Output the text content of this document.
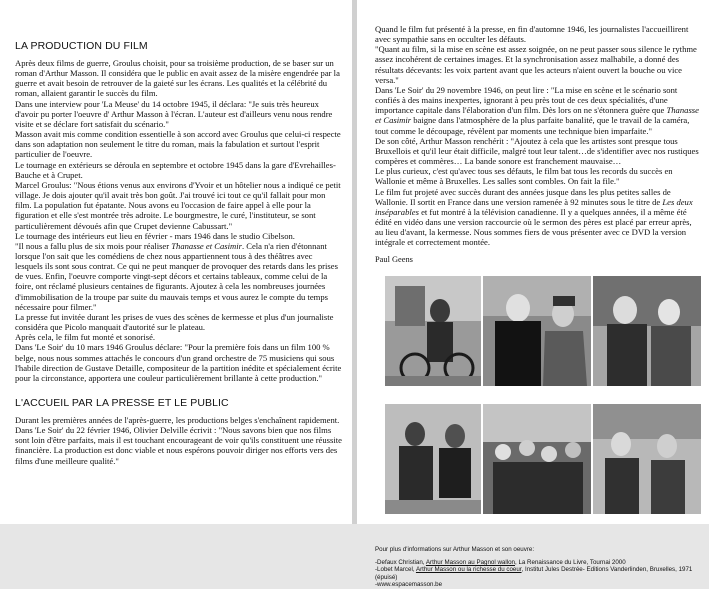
LA PRODUCTION DU FILM

Après deux films de guerre, Groulus choisit, pour sa troisième production, de se baser sur un roman d'Arthur Masson. Il considéra que le public en avait assez de la misère engendrée par la guerre et avait besoin de retrouver de la gaieté sur les écrans. Les qualités et la célébrité du roman, allaient garantir le succès du film.

Dans une interview pour 'La Meuse' du 14 octobre 1945, il déclara: "Je suis très heureux d'avoir pu porter l'oeuvre d' Arthur Masson à l'écran. L'auteur est d'ailleurs venu nous rendre visite et se déclare fort satisfait du scénario."

Masson avait mis comme condition essentielle à son accord avec Groulus que celui-ci respecte dans son adaptation non seulement le titre du roman, mais la fabulation et surtout l'esprit particulier de l'oeuvre.

Le tournage en extérieurs se déroula en septembre et octobre 1945 dans la gare d'Evrehailles-Bauche et à Crupet.

Marcel Groulus: "Nous étions venus aux environs d'Yvoir et un hôtelier nous a indiqué ce petit village. Je dois ajouter qu'il avait très bon goût. J'ai trouvé ici tout ce qu'il fallait pour mon film. La population fut épatante. Nous avons eu l'occasion de faire appel à elle pour la figuration et elle s'est montrée très adroite. Le bourgmestre, le curé, l'instituteur, se sont particulièrement dévoués afin que Crupet devienne Cabussart."

Le tournage des intérieurs eut lieu en février - mars 1946 dans le studio Cibelson.

"Il nous a fallu plus de six mois pour réaliser Thanasse et Casimir. Cela n'a rien d'étonnant lorsque l'on sait que les comédiens de chez nous appartiennent tous à des théâtres avec lesquels ils sont sous contrat. Ce qui ne peut manquer de provoquer des retards dans les prises de vues. Enfin, l'oeuvre comporte vingt-sept décors et certains tableaux, comme celui de la foire, ont réclamé plusieurs centaines de figurants. Ajoutez à cela les nombreuses journées d'immobilisation de la troupe par suite du mauvais temps et vous aurez le compte du temps nécessaire pour filmer."

La presse fut invitée durant les prises de vues des scènes de kermesse et plus d'un journaliste considéra que Picolo manquait d'autorité sur le plateau.

Après cela, le film fut monté et sonorisé.

Dans 'Le Soir' du 10 mars 1946 Groulus déclare: "Pour la première fois dans un film 100 % belge, nous nous sommes attachés le concours d'un grand orchestre de 75 musiciens qui sous l'habile direction de Gustave Detaille, compositeur de la partition inédite et spécialement écrite pour la circonstance, apportera une couleur particulièrement brillante à cette production."

L'ACCUEIL PAR LA PRESSE ET LE PUBLIC

Durant les premières années de l'après-guerre, les productions belges s'enchaînent rapidement.

Dans 'Le Soir' du 22 février 1946, Olivier Delville écrivit : "Nous savons bien que nos films sont loin d'être parfaits, mais il est touchant encourageant de voir qu'ils constituent une réussite financière. La production est donc viable et nous espérons pouvoir diriger nos efforts vers des films d'une meilleure qualité."

Quand le film fut présenté à la presse, en fin d'automne 1946, les journalistes l'accueillirent avec sympathie sans en occulter les défauts.

"Quant au film, si la mise en scène est assez soignée, on ne peut passer sous silence le rythme assez incohérent de certaines images. Et la synchronisation assez malhabile, a donné des résultats décevants: les voix partent avant que les acteurs n'aient ouvert la bouche ou vice versa."

Dans 'Le Soir' du 29 novembre 1946, on peut lire : "La mise en scène et le scénario sont confiés à des mains inexpertes, ignorant à peu près tout de ces deux spécialités, d'une importance capitale dans l'élaboration d'un film. Dès lors on ne s'étonnera guère que Thanasse et Casimir baigne dans l'atmosphère de la plus parfaite banalité, que le travail de la caméra, tout comme le découpage, révèlent par moments une technique bien imparfaite."

De son côté, Arthur Masson renchérit : "Ajoutez à cela que les artistes sont presque tous Bruxellois et qu'il leur était difficile, malgré tout leur talent…de s'identifier avec nos rustiques compères et commères… La bande sonore est franchement mauvaise…

Le plus curieux, c'est qu'avec tous ses défauts, le film bat tous les records du succès en Wallonie et même à Bruxelles. Les salles sont combles. On fait la file."

Le film fut projeté avec succès durant des années jusque dans les plus petites salles de Wallonie. Il sortit en France dans une version ramenée à 92 minutes sous le titre de Les deux inséparables et fut montré à la télévision canadienne. Il y a quelques années, il a même été édité en vidéo dans une version raccourcie où le sermon des pères est placé par erreur après, au lieu d'avant, la kermesse. Nous sommes fiers de vous présenter avec ce DVD la version intégrale et correctement montée.

Paul Geens

Pour plus d'informations sur Arthur Masson et son oeuvre:

-Defaux Christian, Arthur Masson au Pagnol wallon, La Renaissance du Livre, Tournai 2000

-Lobet Marcel, Arthur Masson ou la richesse du coeur, Institut Jules Destrée- Editions Vanderlinden, Bruxelles, 1971 (épuisé)

-www.espacemasson.be
